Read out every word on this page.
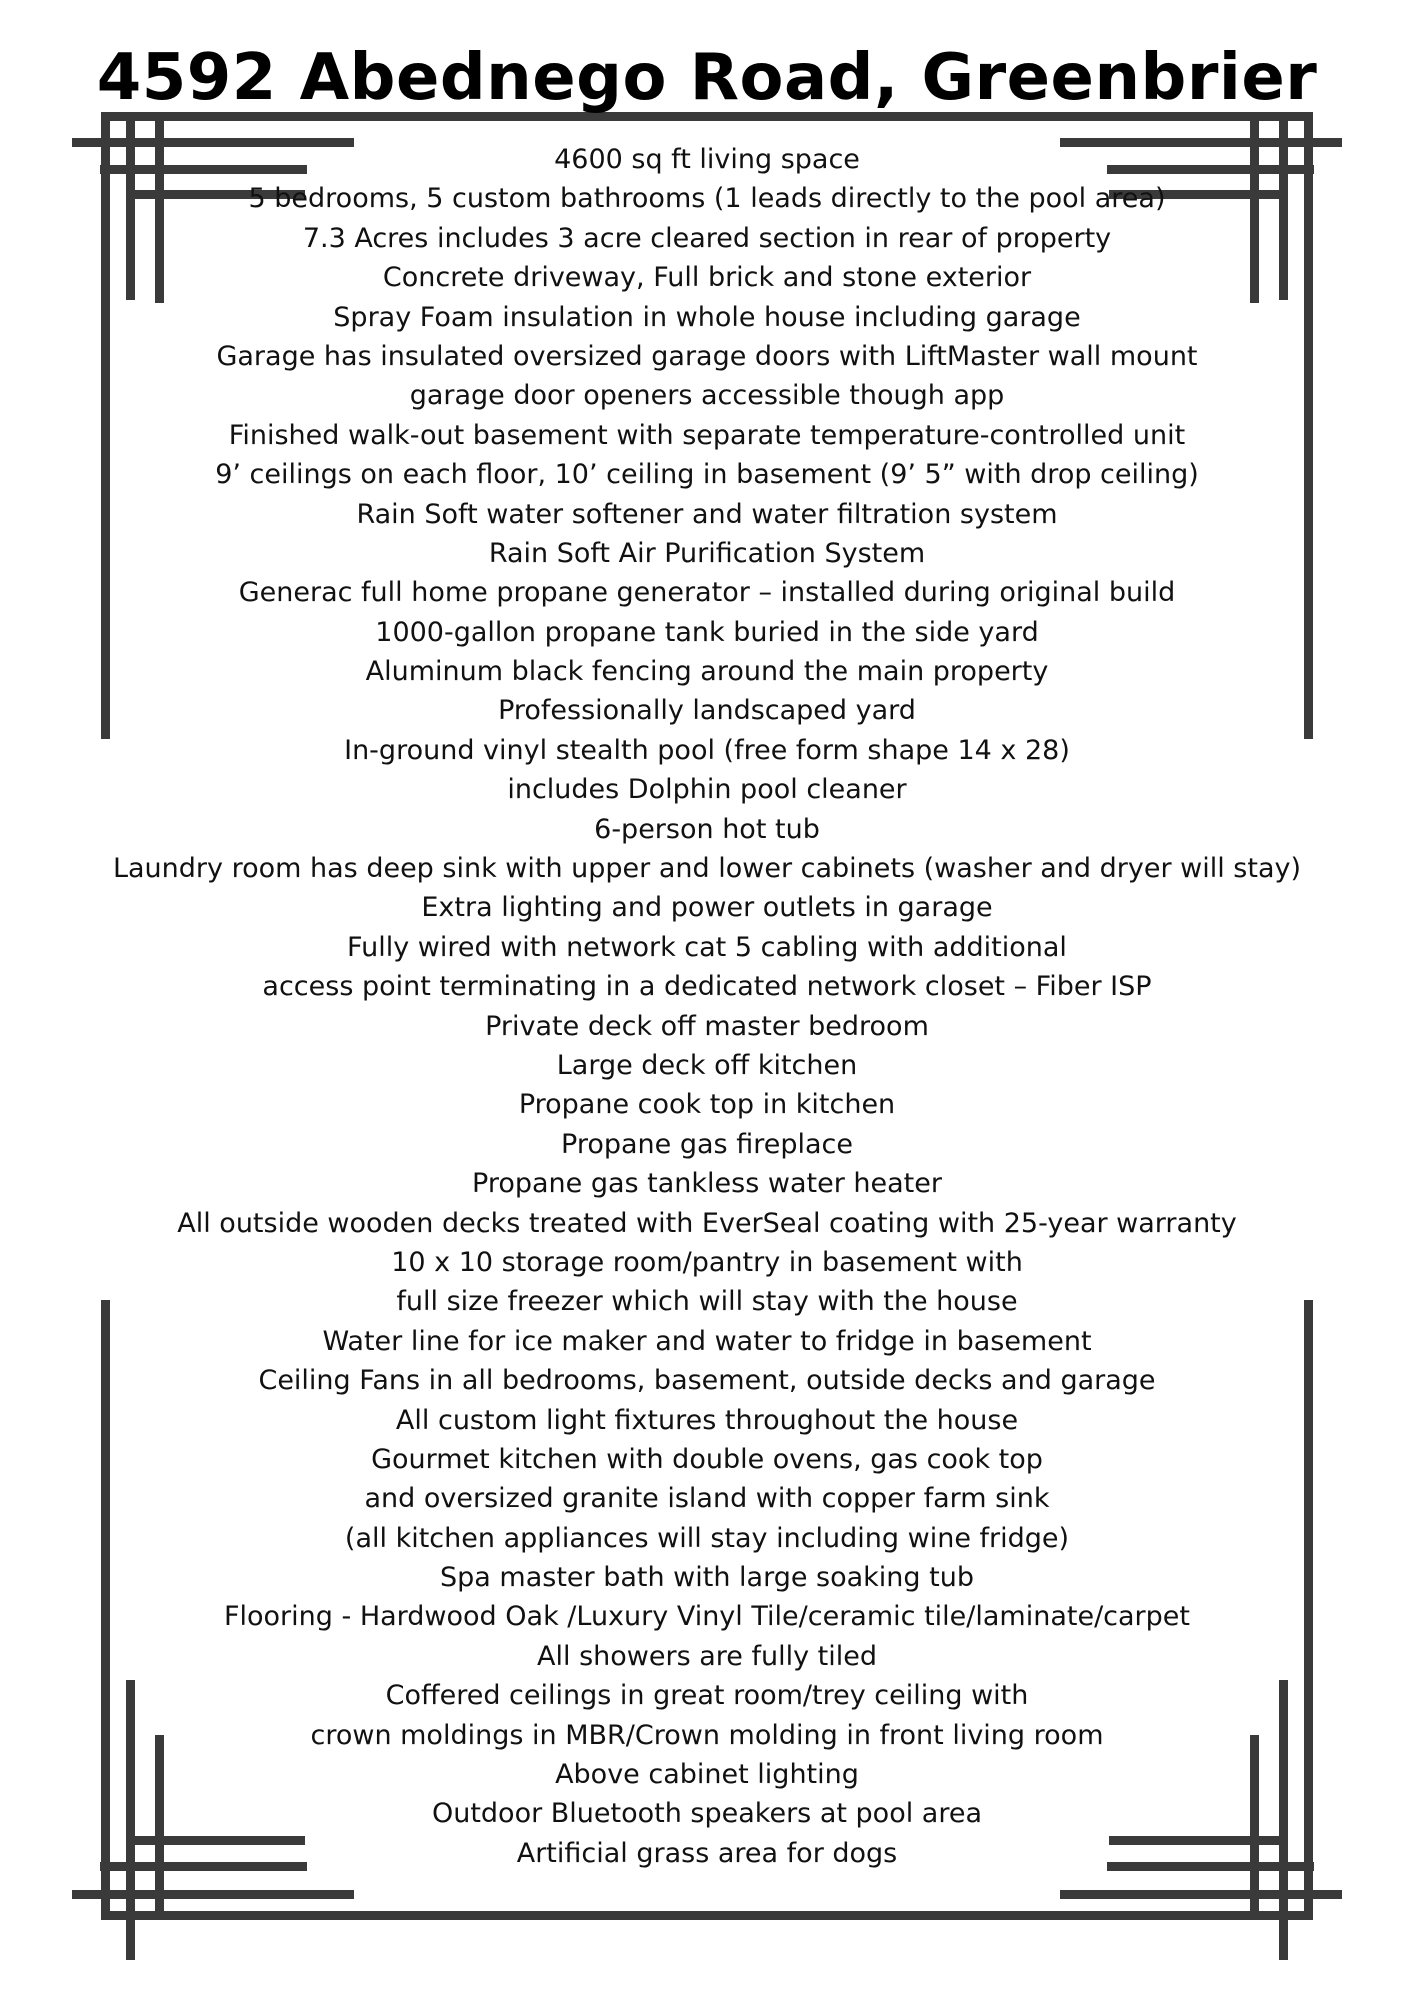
4592 Abednego Road, Greenbrier
4600 sq ft living space
5 bedrooms, 5 custom bathrooms (1 leads directly to the pool area)
7.3 Acres includes 3 acre cleared section in rear of property
Concrete driveway, Full brick and stone exterior
Spray Foam insulation in whole house including garage
Garage has insulated oversized garage doors with LiftMaster wall mount
garage door openers accessible though app
Finished walk-out basement with separate temperature-controlled unit
9’ ceilings on each floor, 10’ ceiling in basement (9’ 5” with drop ceiling)
Rain Soft water softener and water filtration system
Rain Soft Air Purification System
Generac full home propane generator – installed during original build
1000-gallon propane tank buried in the side yard
Aluminum black fencing around the main property
Professionally landscaped yard
In-ground vinyl stealth pool (free form shape 14 x 28)
includes Dolphin pool cleaner
6-person hot tub
Laundry room has deep sink with upper and lower cabinets (washer and dryer will stay)
Extra lighting and power outlets in garage
Fully wired with network cat 5 cabling with additional
access point terminating in a dedicated network closet – Fiber ISP
Private deck off master bedroom
Large deck off kitchen
Propane cook top in kitchen
Propane gas fireplace
Propane gas tankless water heater
All outside wooden decks treated with EverSeal coating with 25-year warranty
10 x 10 storage room/pantry in basement with
full size freezer which will stay with the house
Water line for ice maker and water to fridge in basement
Ceiling Fans in all bedrooms, basement, outside decks and garage
All custom light fixtures throughout the house
Gourmet kitchen with double ovens, gas cook top
and oversized granite island with copper farm sink
(all kitchen appliances will stay including wine fridge)
Spa master bath with large soaking tub
Flooring - Hardwood Oak /Luxury Vinyl Tile/ceramic tile/laminate/carpet
All showers are fully tiled
Coffered ceilings in great room/trey ceiling with
crown moldings in MBR/Crown molding in front living room
Above cabinet lighting
Outdoor Bluetooth speakers at pool area
Artificial grass area for dogs
